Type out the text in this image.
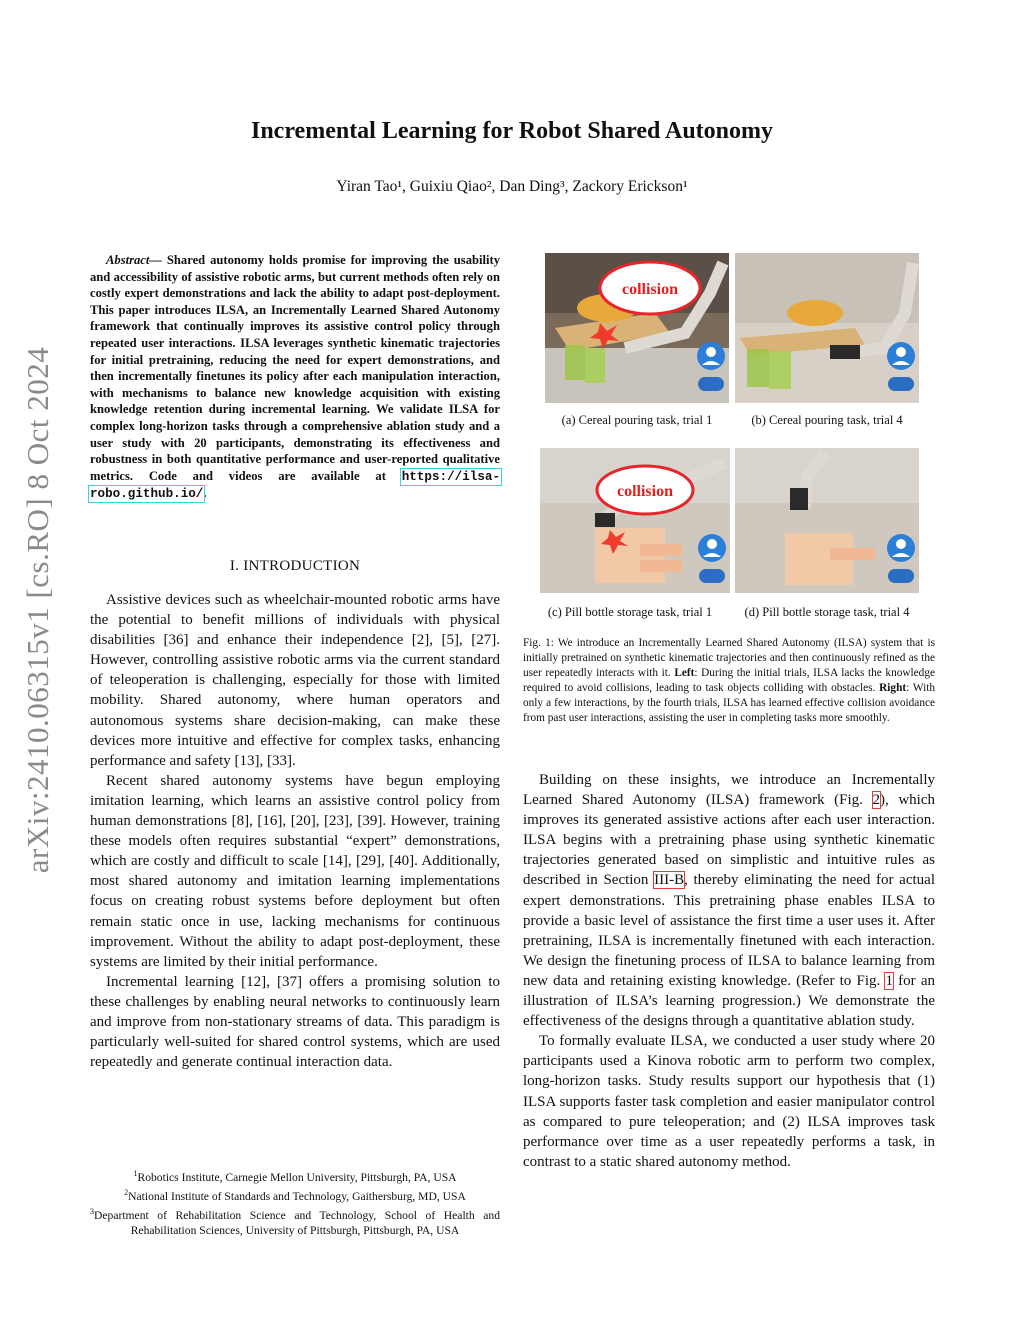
arXiv:2410.06315v1 [cs.RO] 8 Oct 2024
Incremental Learning for Robot Shared Autonomy
Yiran Tao¹, Guixiu Qiao², Dan Ding³, Zackory Erickson¹
Abstract— Shared autonomy holds promise for improving the usability and accessibility of assistive robotic arms, but current methods often rely on costly expert demonstrations and lack the ability to adapt post-deployment. This paper introduces ILSA, an Incrementally Learned Shared Autonomy framework that continually improves its assistive control policy through repeated user interactions. ILSA leverages synthetic kinematic trajectories for initial pretraining, reducing the need for expert demonstrations, and then incrementally finetunes its policy after each manipulation interaction, with mechanisms to balance new knowledge acquisition with existing knowledge retention during incremental learning. We validate ILSA for complex long-horizon tasks through a comprehensive ablation study and a user study with 20 participants, demonstrating its effectiveness and robustness in both quantitative performance and user-reported qualitative metrics. Code and videos are available at https://ilsa-robo.github.io/.
I. INTRODUCTION

Assistive devices such as wheelchair-mounted robotic arms have the potential to benefit millions of individuals with physical disabilities [36] and enhance their independence [2], [5], [27]. However, controlling assistive robotic arms via the current standard of teleoperation is challenging, especially for those with limited mobility. Shared autonomy, where human operators and autonomous systems share decision-making, can make these devices more intuitive and effective for complex tasks, enhancing performance and safety [13], [33].

Recent shared autonomy systems have begun employing imitation learning, which learns an assistive control policy from human demonstrations [8], [16], [20], [23], [39]. However, training these models often requires substantial “expert” demonstrations, which are costly and difficult to scale [14], [29], [40]. Additionally, most shared autonomy and imitation learning implementations focus on creating robust systems before deployment but often remain static once in use, lacking mechanisms for continuous improvement. Without the ability to adapt post-deployment, these systems are limited by their initial performance.

Incremental learning [12], [37] offers a promising solution to these challenges by enabling neural networks to continuously learn and improve from non-stationary streams of data. This paradigm is particularly well-suited for shared control systems, which are used repeatedly and generate continual interaction data.

$^1$Robotics Institute, Carnegie Mellon University, Pittsburgh, PA, USA
$^2$National Institute of Standards and Technology, Gaithersburg, MD, USA
$^3$Department of Rehabilitation Science and Technology, School of Health and Rehabilitation Sciences, University of Pittsburgh, Pittsburgh, PA, USA
collision
(a) Cereal pouring task, trial 1	(b) Cereal pouring task, trial 4
collision
(c) Pill bottle storage task, trial 1	(d) Pill bottle storage task, trial 4
Fig. 1: We introduce an Incrementally Learned Shared Autonomy (ILSA) system that is initially pretrained on synthetic kinematic trajectories and then continuously refined as the user repeatedly interacts with it. Left: During the initial trials, ILSA lacks the knowledge required to avoid collisions, leading to task objects colliding with obstacles. Right: With only a few interactions, by the fourth trials, ILSA has learned effective collision avoidance from past user interactions, assisting the user in completing tasks more smoothly.

Building on these insights, we introduce an Incrementally Learned Shared Autonomy (ILSA) framework (Fig. 2), which improves its generated assistive actions after each user interaction. ILSA begins with a pretraining phase using synthetic kinematic trajectories generated based on simplistic and intuitive rules as described in Section III-B, thereby eliminating the need for actual expert demonstrations. This pretraining phase enables ILSA to provide a basic level of assistance the first time a user uses it. After pretraining, ILSA is incrementally finetuned with each interaction. We design the finetuning process of ILSA to balance learning from new data and retaining existing knowledge. (Refer to Fig. 1 for an illustration of ILSA’s learning progression.) We demonstrate the effectiveness of the designs through a quantitative ablation study.

To formally evaluate ILSA, we conducted a user study where 20 participants used a Kinova robotic arm to perform two complex, long-horizon tasks. Study results support our hypothesis that (1) ILSA supports faster task completion and easier manipulator control as compared to pure teleoperation; and (2) ILSA improves task performance over time as a user repeatedly performs a task, in contrast to a static shared autonomy method.
